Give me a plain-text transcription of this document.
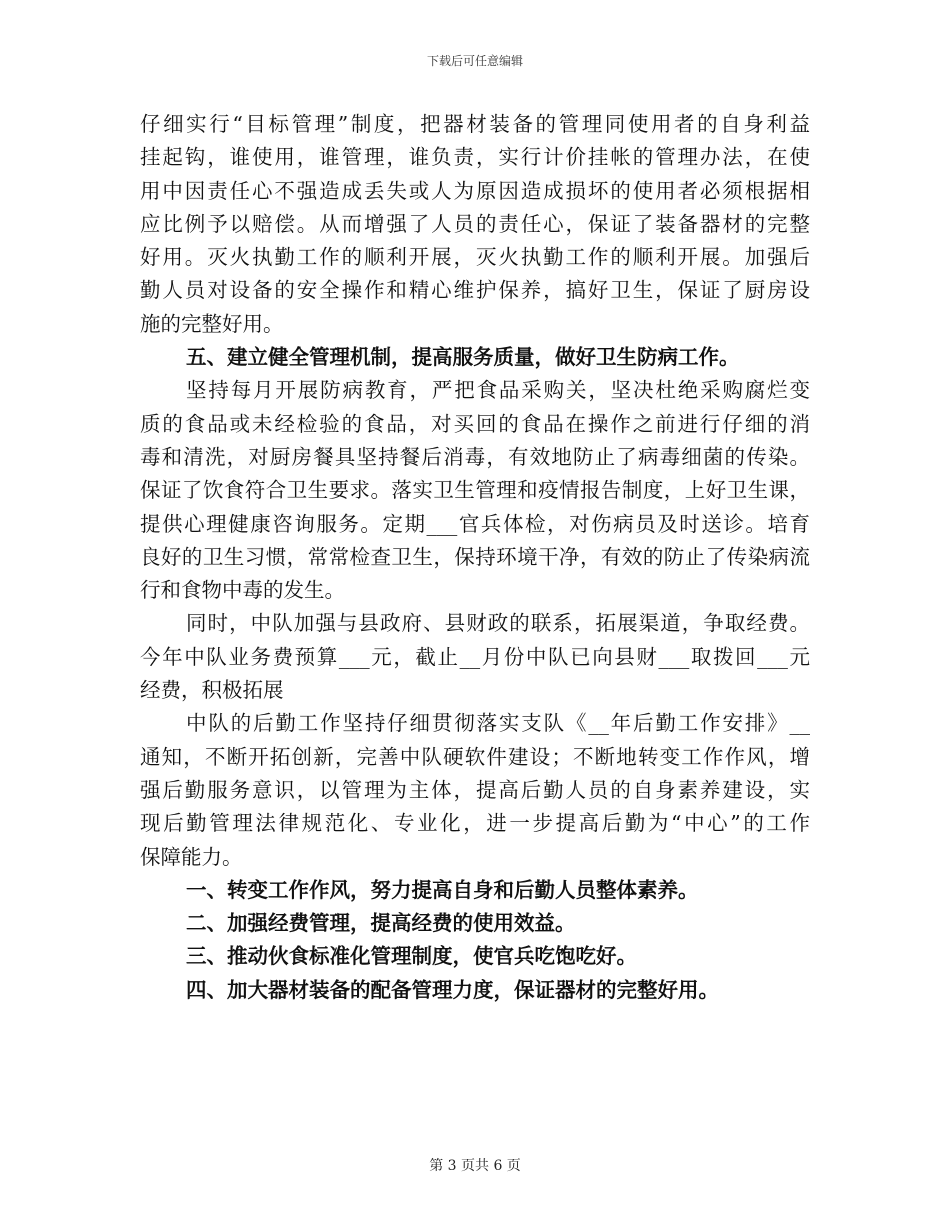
下载后可任意编辑
仔细实行“目标管理”制度，把器材装备的管理同使用者的自身利益
挂起钩，谁使用，谁管理，谁负责，实行计价挂帐的管理办法，在使
用中因责任心不强造成丢失或人为原因造成损坏的使用者必须根据相
应比例予以赔偿。从而增强了人员的责任心，保证了装备器材的完整
好用。灭火执勤工作的顺利开展，灭火执勤工作的顺利开展。加强后
勤人员对设备的安全操作和精心维护保养，搞好卫生，保证了厨房设
施的完整好用。
五、建立健全管理机制，提高服务质量，做好卫生防病工作。
坚持每月开展防病教育，严把食品采购关，坚决杜绝采购腐烂变
质的食品或未经检验的食品，对买回的食品在操作之前进行仔细的消
毒和清洗，对厨房餐具坚持餐后消毒，有效地防止了病毒细菌的传染。
保证了饮食符合卫生要求。落实卫生管理和疫情报告制度，上好卫生课，
提供心理健康咨询服务。定期___官兵体检，对伤病员及时送诊。培育
良好的卫生习惯，常常检查卫生，保持环境干净，有效的防止了传染病流
行和食物中毒的发生。
同时，中队加强与县政府、县财政的联系，拓展渠道，争取经费。
今年中队业务费预算___元，截止__月份中队已向县财___取拨回___元
经费，积极拓展
中队的后勤工作坚持仔细贯彻落实支队《__年后勤工作安排》__
通知，不断开拓创新，完善中队硬软件建设；不断地转变工作作风，增
强后勤服务意识，以管理为主体，提高后勤人员的自身素养建设，实
现后勤管理法律规范化、专业化，进一步提高后勤为“中心”的工作
保障能力。
一、转变工作作风，努力提高自身和后勤人员整体素养。
二、加强经费管理，提高经费的使用效益。
三、推动伙食标准化管理制度，使官兵吃饱吃好。
四、加大器材装备的配备管理力度，保证器材的完整好用。
第 3 页共 6 页
